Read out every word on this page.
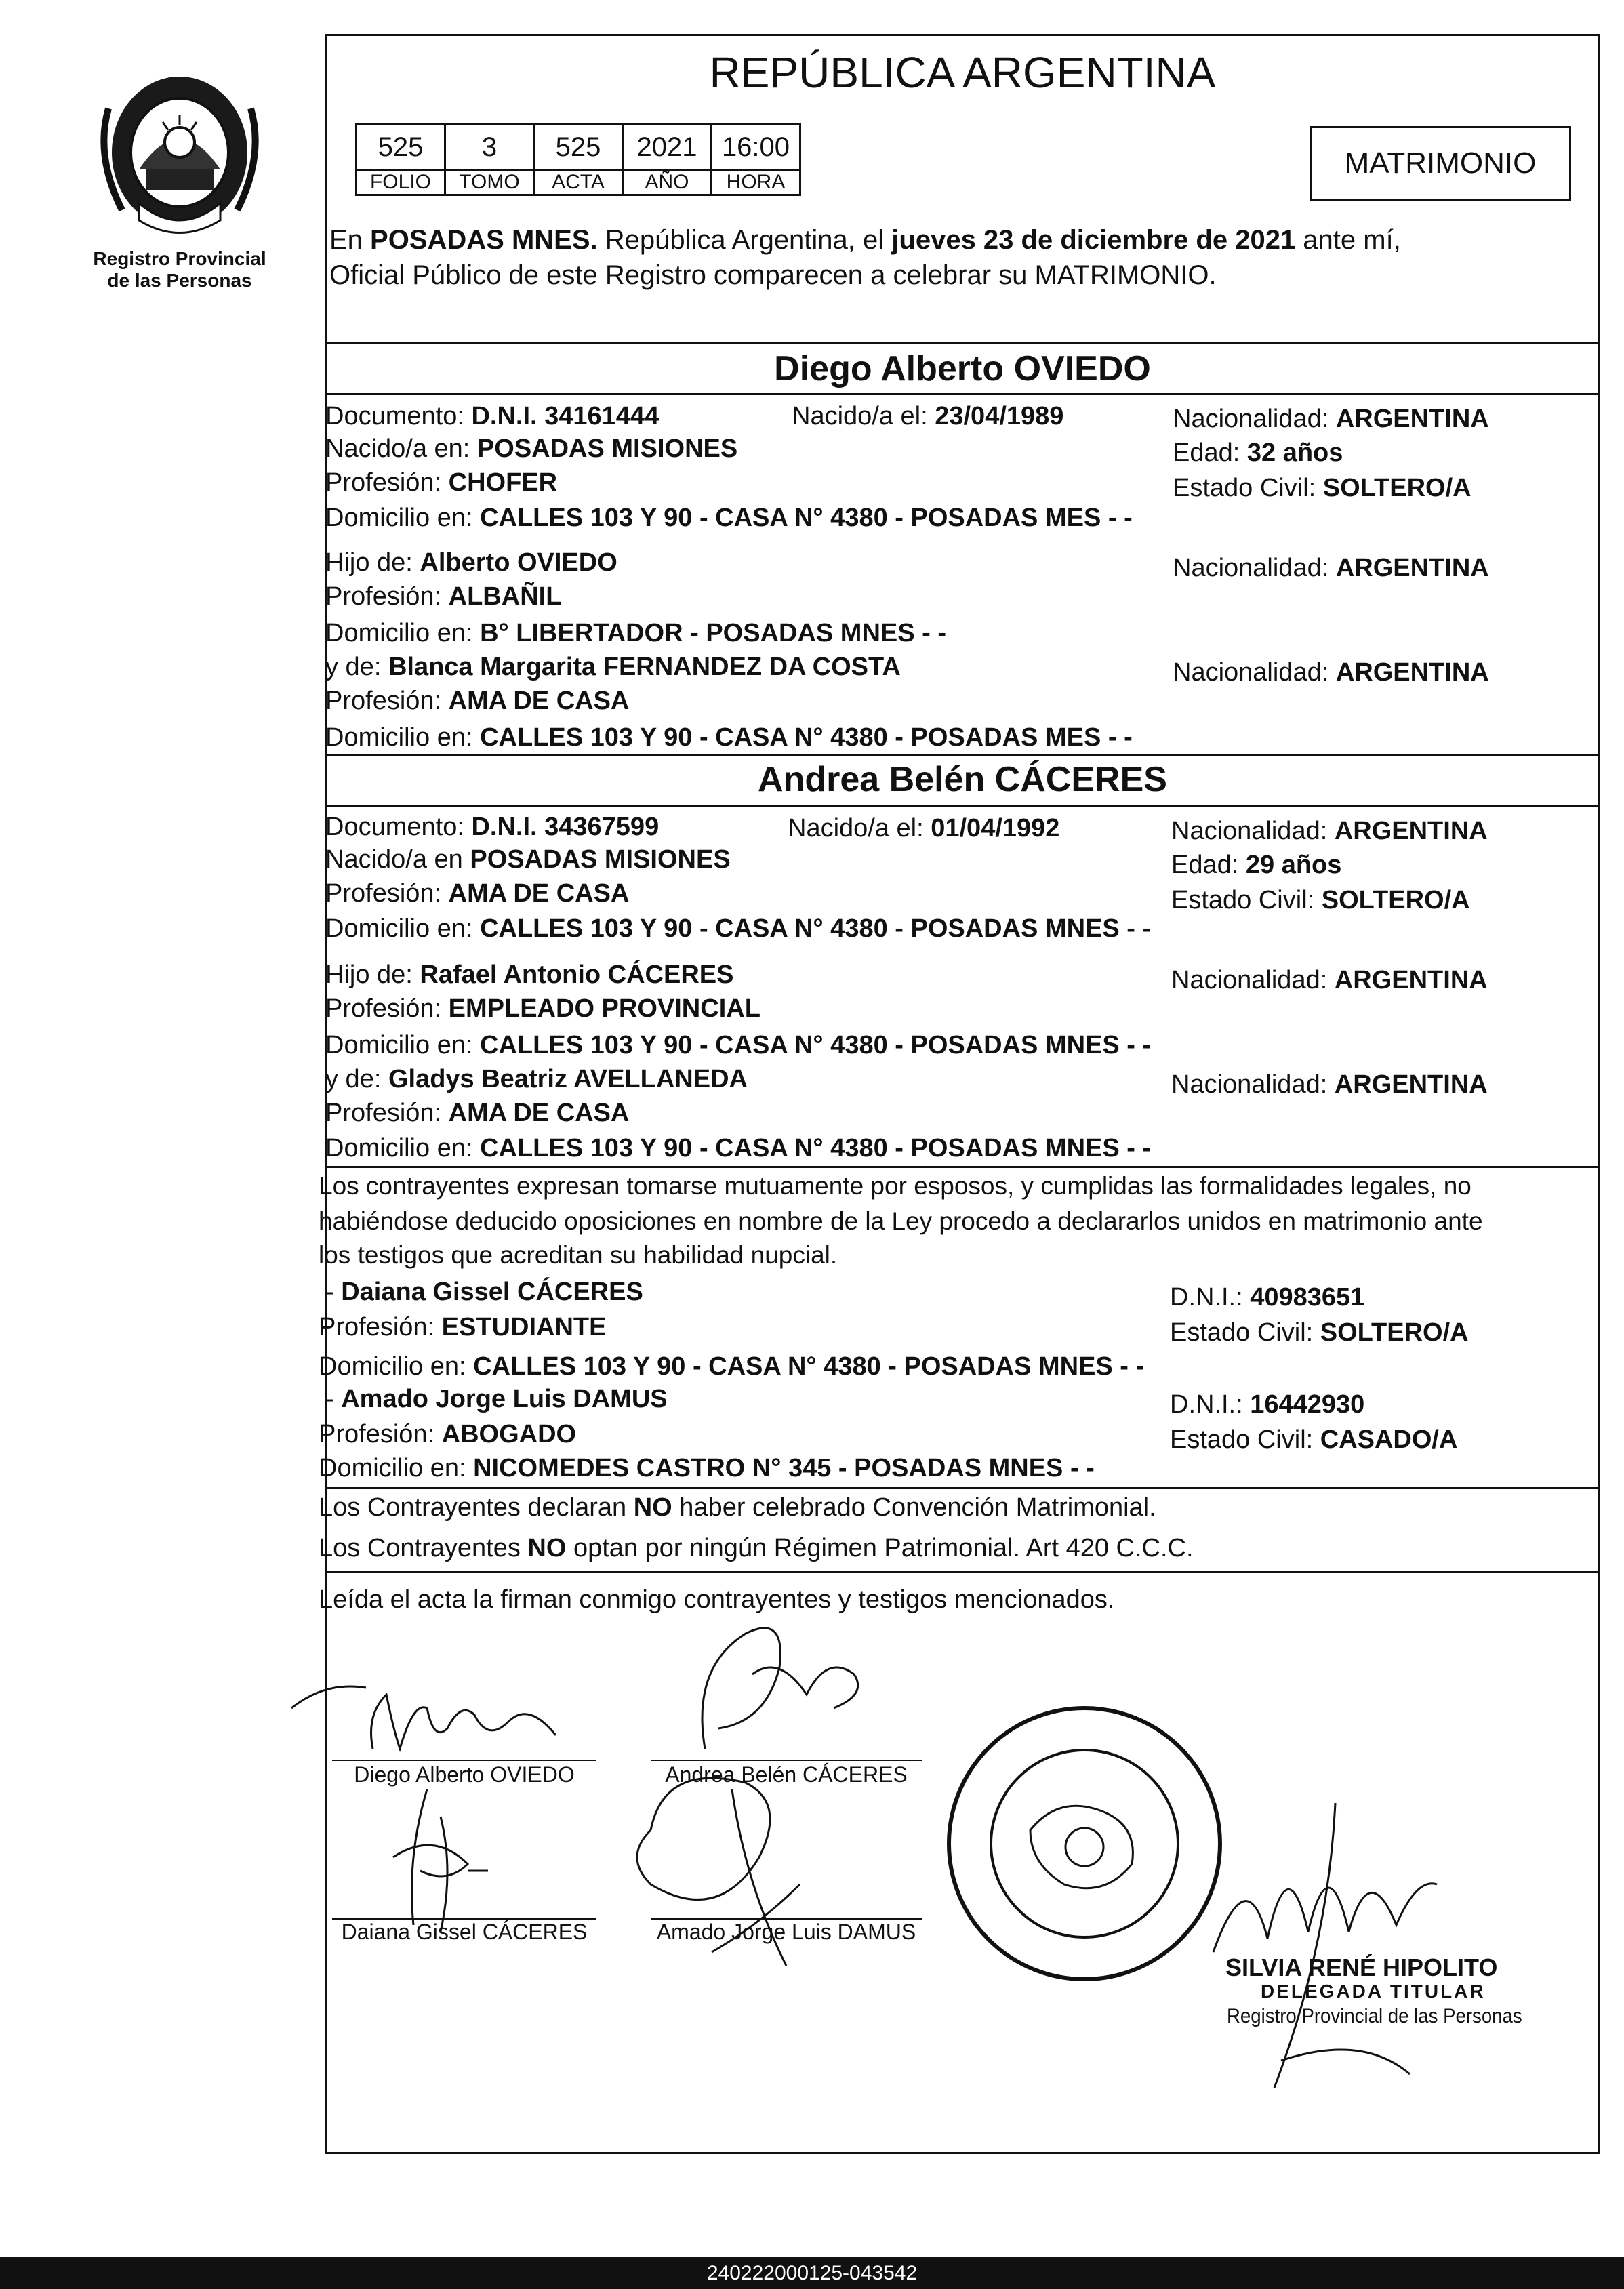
Registro Provincial
de las Personas
REPÚBLICA ARGENTINA
525	3	525	2021	16:00
FOLIO	TOMO	ACTA	AÑO	HORA
MATRIMONIO
En POSADAS MNES. República Argentina, el jueves 23 de diciembre de 2021 ante mí,
Oficial Público de este Registro comparecen a celebrar su MATRIMONIO.
Diego Alberto OVIEDO
Documento: D.N.I. 34161444	Nacido/a el: 23/04/1989	Nacionalidad: ARGENTINA
Nacido/a en: POSADAS MISIONES	Edad: 32 años
Profesión: CHOFER	Estado Civil: SOLTERO/A
Domicilio en: CALLES 103 Y 90 - CASA N° 4380 - POSADAS MES - -
Hijo de: Alberto OVIEDO	Nacionalidad: ARGENTINA
Profesión: ALBAÑIL
Domicilio en: B° LIBERTADOR - POSADAS MNES - -
y de: Blanca Margarita FERNANDEZ DA COSTA	Nacionalidad: ARGENTINA
Profesión: AMA DE CASA
Domicilio en: CALLES 103 Y 90 - CASA N° 4380 - POSADAS MES - -
Andrea Belén CÁCERES
Documento: D.N.I. 34367599	Nacido/a el: 01/04/1992	Nacionalidad: ARGENTINA
Nacido/a en POSADAS MISIONES	Edad: 29 años
Profesión: AMA DE CASA	Estado Civil: SOLTERO/A
Domicilio en: CALLES 103 Y 90 - CASA N° 4380 - POSADAS MNES - -
Hijo de: Rafael Antonio CÁCERES	Nacionalidad: ARGENTINA
Profesión: EMPLEADO PROVINCIAL
Domicilio en: CALLES 103 Y 90 - CASA N° 4380 - POSADAS MNES - -
y de: Gladys Beatriz AVELLANEDA	Nacionalidad: ARGENTINA
Profesión: AMA DE CASA
Domicilio en: CALLES 103 Y 90 - CASA N° 4380 - POSADAS MNES - -
Los contrayentes expresan tomarse mutuamente por esposos, y cumplidas las formalidades legales, no
habiéndose deducido oposiciones en nombre de la Ley procedo a declararlos unidos en matrimonio ante
los testigos que acreditan su habilidad nupcial.
- Daiana Gissel CÁCERES	D.N.I.: 40983651
Profesión: ESTUDIANTE	Estado Civil: SOLTERO/A
Domicilio en: CALLES 103 Y 90 - CASA N° 4380 - POSADAS MNES - -
- Amado Jorge Luis DAMUS	D.N.I.: 16442930
Profesión: ABOGADO	Estado Civil: CASADO/A
Domicilio en: NICOMEDES CASTRO N° 345 - POSADAS MNES - -
Los Contrayentes declaran NO haber celebrado Convención Matrimonial.
Los Contrayentes NO optan por ningún Régimen Patrimonial. Art 420 C.C.C.
Leída el acta la firman conmigo contrayentes y testigos mencionados.
Diego Alberto OVIEDO	Andrea Belén CÁCERES
Daiana Gissel CÁCERES	Amado Jorge Luis DAMUS
SILVIA RENÉ HIPOLITO
DELEGADA TITULAR
Registro Provincial de las Personas
240222000125-043542
